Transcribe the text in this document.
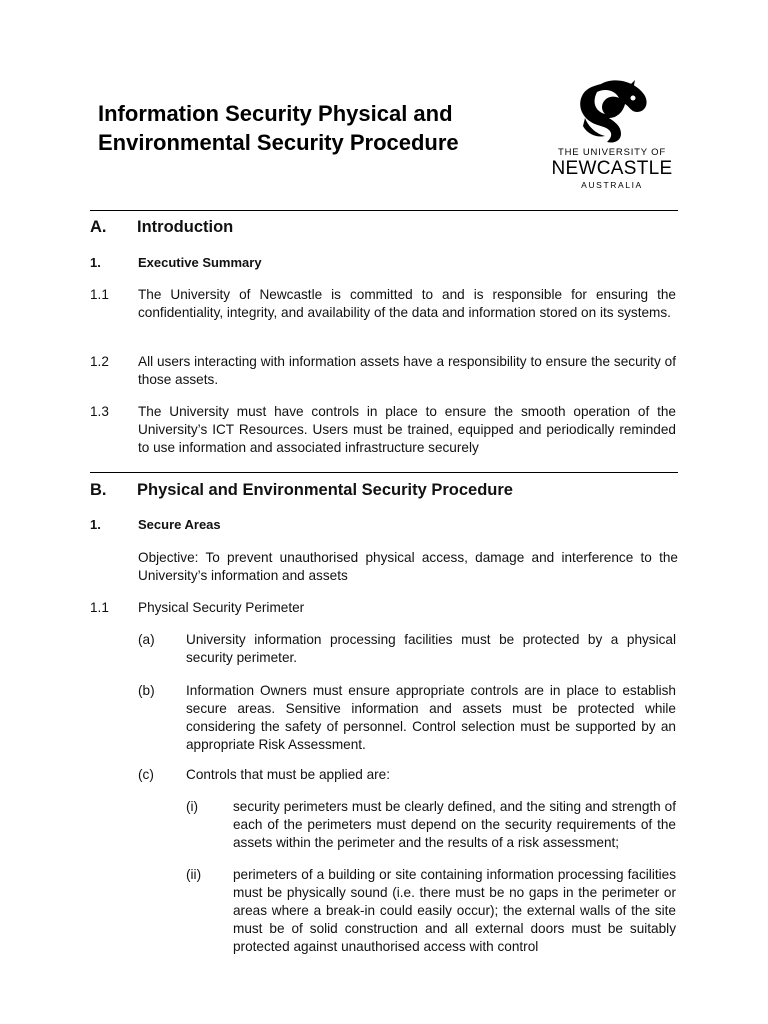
Information Security Physical and Environmental Security Procedure	THE UNIVERSITY OF
NEWCASTLE
AUSTRALIA
A. Introduction
1.	Executive Summary
1.1 The University of Newcastle is committed to and is responsible for ensuring the confidentiality, integrity, and availability of the data and information stored on its systems.
1.2 All users interacting with information assets have a responsibility to ensure the security of those assets.
1.3 The University must have controls in place to ensure the smooth operation of the University’s ICT Resources. Users must be trained, equipped and periodically reminded to use information and associated infrastructure securely
B. Physical and Environmental Security Procedure
1.	Secure Areas
Objective: To prevent unauthorised physical access, damage and interference to the University’s information and assets
1.1 Physical Security Perimeter
(a) University information processing facilities must be protected by a physical security perimeter.
(b) Information Owners must ensure appropriate controls are in place to establish secure areas. Sensitive information and assets must be protected while considering the safety of personnel. Control selection must be supported by an appropriate Risk Assessment.
(c) Controls that must be applied are:
(i)	security perimeters must be clearly defined, and the siting and strength of each of the perimeters must depend on the security requirements of the assets within the perimeter and the results of a risk assessment;
(ii) perimeters of a building or site containing information processing facilities must be physically sound (i.e. there must be no gaps in the perimeter or areas where a break-in could easily occur); the external walls of the site must be of solid construction and all external doors must be suitably protected against unauthorised access with control
